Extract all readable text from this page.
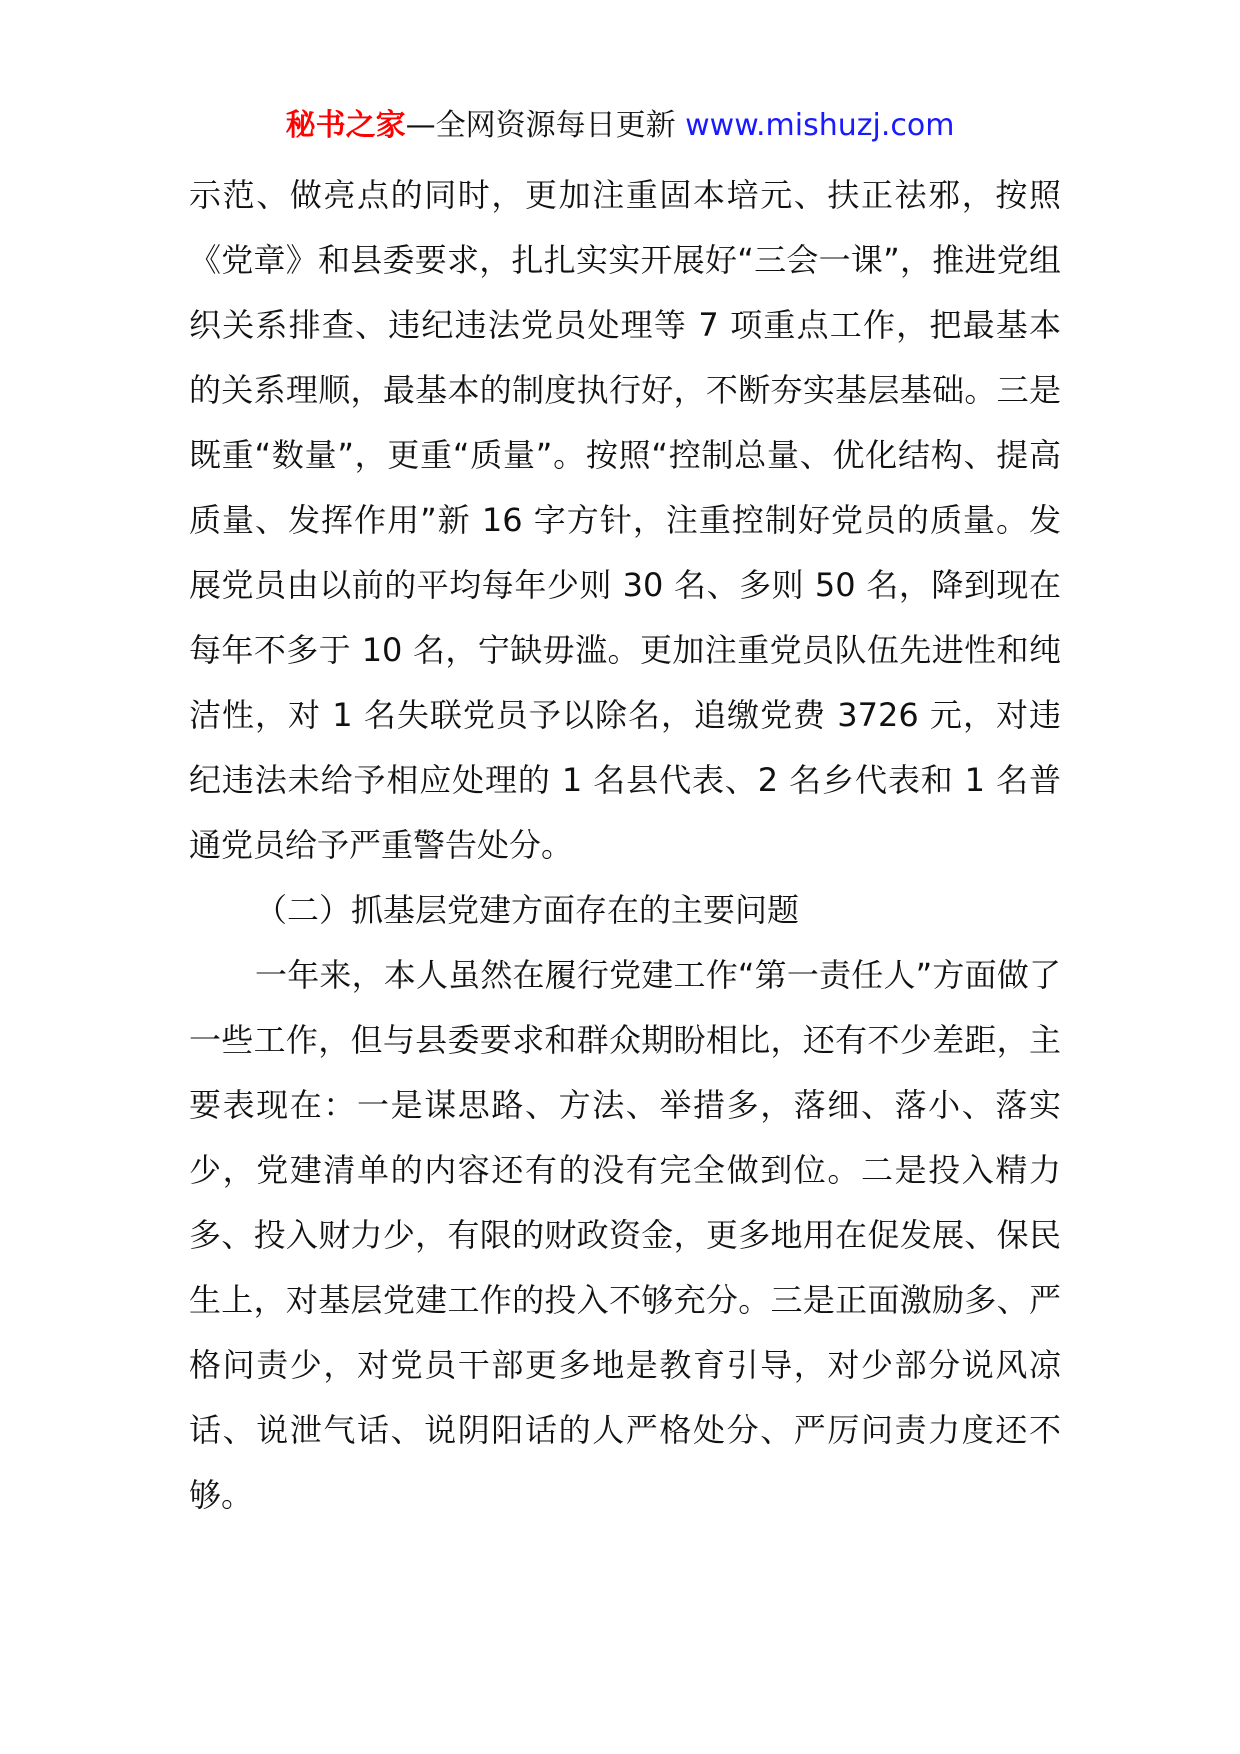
秘书之家—全网资源每日更新 www.mishuzj.com

示范、做亮点的同时，更加注重固本培元、扶正祛邪，按照《党章》和县委要求，扎扎实实开展好“三会一课”，推进党组织关系排查、违纪违法党员处理等 7 项重点工作，把最基本的关系理顺，最基本的制度执行好，不断夯实基层基础。三是既重“数量”，更重“质量”。按照“控制总量、优化结构、提高质量、发挥作用”新 16 字方针，注重控制好党员的质量。发展党员由以前的平均每年少则 30 名、多则 50 名，降到现在每年不多于 10 名，宁缺毋滥。更加注重党员队伍先进性和纯洁性，对 1 名失联党员予以除名，追缴党费 3726 元，对违纪违法未给予相应处理的 1 名县代表、2 名乡代表和 1 名普通党员给予严重警告处分。

（二）抓基层党建方面存在的主要问题

一年来，本人虽然在履行党建工作“第一责任人”方面做了一些工作，但与县委要求和群众期盼相比，还有不少差距，主要表现在：一是谋思路、方法、举措多，落细、落小、落实少，党建清单的内容还有的没有完全做到位。二是投入精力多、投入财力少，有限的财政资金，更多地用在促发展、保民生上，对基层党建工作的投入不够充分。三是正面激励多、严格问责少，对党员干部更多地是教育引导，对少部分说风凉话、说泄气话、说阴阳话的人严格处分、严厉问责力度还不够。
